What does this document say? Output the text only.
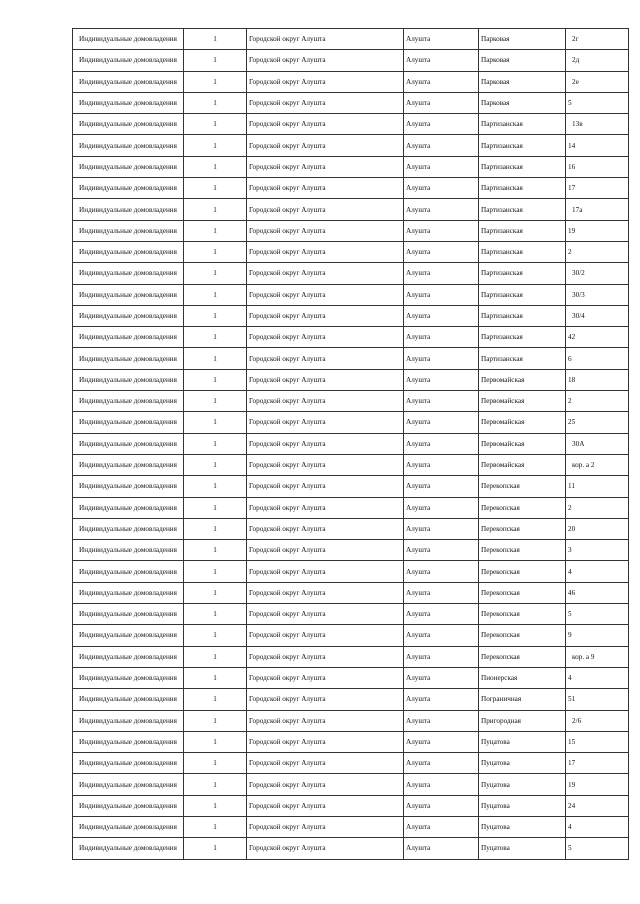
Индивидуальные домовладения	1	Городской округ Алушта	Алушта	Парковая	2г
Индивидуальные домовладения	1	Городской округ Алушта	Алушта	Парковая	2д
Индивидуальные домовладения	1	Городской округ Алушта	Алушта	Парковая	2е
Индивидуальные домовладения	1	Городской округ Алушта	Алушта	Парковая	5
Индивидуальные домовладения	1	Городской округ Алушта	Алушта	Партизанская	13в
Индивидуальные домовладения	1	Городской округ Алушта	Алушта	Партизанская	14
Индивидуальные домовладения	1	Городской округ Алушта	Алушта	Партизанская	16
Индивидуальные домовладения	1	Городской округ Алушта	Алушта	Партизанская	17
Индивидуальные домовладения	1	Городской округ Алушта	Алушта	Партизанская	17а
Индивидуальные домовладения	1	Городской округ Алушта	Алушта	Партизанская	19
Индивидуальные домовладения	1	Городской округ Алушта	Алушта	Партизанская	2
Индивидуальные домовладения	1	Городской округ Алушта	Алушта	Партизанская	30/2
Индивидуальные домовладения	1	Городской округ Алушта	Алушта	Партизанская	30/3
Индивидуальные домовладения	1	Городской округ Алушта	Алушта	Партизанская	30/4
Индивидуальные домовладения	1	Городской округ Алушта	Алушта	Партизанская	42
Индивидуальные домовладения	1	Городской округ Алушта	Алушта	Партизанская	6
Индивидуальные домовладения	1	Городской округ Алушта	Алушта	Первомайская	18
Индивидуальные домовладения	1	Городской округ Алушта	Алушта	Первомайская	2
Индивидуальные домовладения	1	Городской округ Алушта	Алушта	Первомайская	25
Индивидуальные домовладения	1	Городской округ Алушта	Алушта	Первомайская	30А
Индивидуальные домовладения	1	Городской округ Алушта	Алушта	Первомайская	кор. а 2
Индивидуальные домовладения	1	Городской округ Алушта	Алушта	Перекопская	11
Индивидуальные домовладения	1	Городской округ Алушта	Алушта	Перекопская	2
Индивидуальные домовладения	1	Городской округ Алушта	Алушта	Перекопская	20
Индивидуальные домовладения	1	Городской округ Алушта	Алушта	Перекопская	3
Индивидуальные домовладения	1	Городской округ Алушта	Алушта	Перекопская	4
Индивидуальные домовладения	1	Городской округ Алушта	Алушта	Перекопская	46
Индивидуальные домовладения	1	Городской округ Алушта	Алушта	Перекопская	5
Индивидуальные домовладения	1	Городской округ Алушта	Алушта	Перекопская	9
Индивидуальные домовладения	1	Городской округ Алушта	Алушта	Перекопская	кор. а 9
Индивидуальные домовладения	1	Городской округ Алушта	Алушта	Пионерская	4
Индивидуальные домовладения	1	Городской округ Алушта	Алушта	Пограничная	51
Индивидуальные домовладения	1	Городской округ Алушта	Алушта	Пригородная	2/6
Индивидуальные домовладения	1	Городской округ Алушта	Алушта	Пуцатова	15
Индивидуальные домовладения	1	Городской округ Алушта	Алушта	Пуцатова	17
Индивидуальные домовладения	1	Городской округ Алушта	Алушта	Пуцатова	19
Индивидуальные домовладения	1	Городской округ Алушта	Алушта	Пуцатова	24
Индивидуальные домовладения	1	Городской округ Алушта	Алушта	Пуцатова	4
Индивидуальные домовладения	1	Городской округ Алушта	Алушта	Пуцатова	5
